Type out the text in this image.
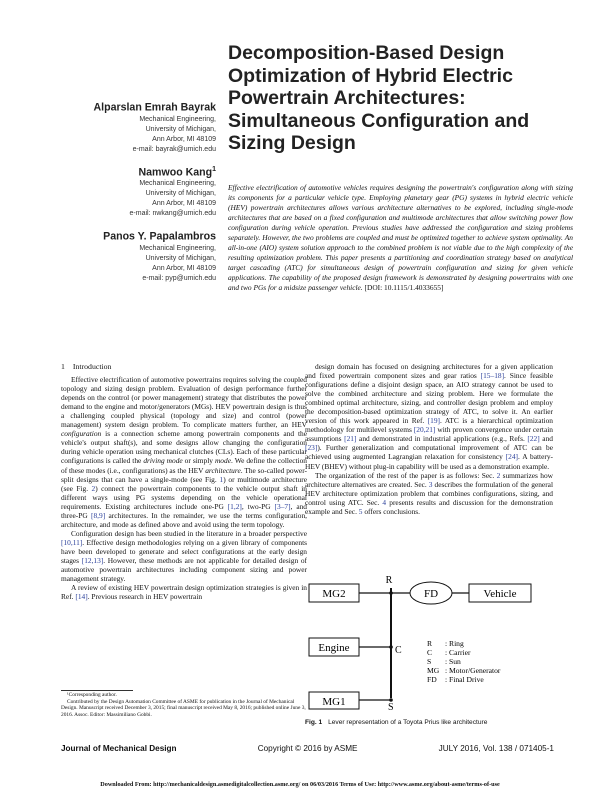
Decomposition-Based Design Optimization of Hybrid Electric Powertrain Architectures: Simultaneous Configuration and Sizing Design
Alparslan Emrah Bayrak
Mechanical Engineering,
University of Michigan,
Ann Arbor, MI 48109
e-mail: bayrak@umich.edu
Namwoo Kang$^1$
Mechanical Engineering,
University of Michigan,
Ann Arbor, MI 48109
e-mail: nwkang@umich.edu
Panos Y. Papalambros
Mechanical Engineering,
University of Michigan,
Ann Arbor, MI 48109
e-mail: pyp@umich.edu
Effective electrification of automotive vehicles requires designing the powertrain's configuration along with sizing its components for a particular vehicle type. Employing planetary gear (PG) systems in hybrid electric vehicle (HEV) powertrain architectures allows various architecture alternatives to be explored, including single-mode architectures that are based on a fixed configuration and multimode architectures that allow switching power flow configuration during vehicle operation. Previous studies have addressed the configuration and sizing problems separately. However, the two problems are coupled and must be optimized together to achieve system optimality. An all-in-one (AIO) system solution approach to the combined problem is not viable due to the high complexity of the resulting optimization problem. This paper presents a partitioning and coordination strategy based on analytical target cascading (ATC) for simultaneous design of powertrain configuration and sizing for given vehicle applications. The capability of the proposed design framework is demonstrated by designing powertrains with one and two PGs for a midsize passenger vehicle. [DOI: 10.1115/1.4033655]
1 Introduction

Effective electrification of automotive powertrains requires solving the coupled topology and sizing design problem. Evaluation of design performance further depends on the control (or power management) strategy that distributes the power demand to the engine and motor/generators (MGs). HEV powertrain design is thus a challenging coupled physical (topology and size) and control (power management) system design problem. To complicate matters further, an HEV configuration is a connection scheme among powertrain components and the vehicle's output shaft(s), and some designs allow changing the configuration during vehicle operation using mechanical clutches (CLs). Each of these particular configurations is called the driving mode or simply mode. We define the collection of these modes (i.e., configurations) as the HEV architecture. The so-called power-split designs that can have a single-mode (see Fig. 1) or multimode architecture (see Fig. 2) connect the powertrain components to the vehicle output shaft in different ways using PG systems depending on the vehicle operational requirements. Existing architectures include one-PG [1,2], two-PG [3–7], and three-PG [8,9] architectures. In the remainder, we use the terms configuration, architecture, and mode as defined above and avoid using the term topology.

Configuration design has been studied in the literature in a broader perspective [10,11]. Effective design methodologies relying on a given library of components have been developed to generate and select configurations at the early design stages [12,13]. However, these methods are not applicable for detailed design of automotive powertrain architectures including component sizing and power management strategy.

A review of existing HEV powertrain design optimization strategies is given in Ref. [14]. Previous research in HEV powertrain

design domain has focused on designing architectures for a given application and fixed powertrain component sizes and gear ratios [15–18]. Since feasible configurations define a disjoint design space, an AIO strategy cannot be used to solve the combined architecture and sizing problem. Here we formulate the combined optimal architecture, sizing, and controller design problem and employ the decomposition-based optimization strategy of ATC, to solve it. An earlier version of this work appeared in Ref. [19]. ATC is a hierarchical optimization methodology for multilevel systems [20,21] with proven convergence under certain assumptions [21] and demonstrated in industrial applications (e.g., Refs. [22] and [23]). Further generalization and computational improvement of ATC can be achieved using augmented Lagrangian relaxation for consistency [24]. A battery-HEV (BHEV) without plug-in capability will be used as a demonstration example.

The organization of the rest of the paper is as follows: Sec. 2 summarizes how architecture alternatives are created. Sec. 3 describes the formulation of the general HEV architecture optimization problem that combines configurations, sizing, and control using ATC. Sec. 4 presents results and discussion for the demonstration example and Sec. 5 offers conclusions.

¹Corresponding author.

Contributed by the Design Automation Committee of ASME for publication in the Journal of Mechanical Design. Manuscript received December 3, 2015; final manuscript received May 8, 2016; published online June 3, 2016. Assoc. Editor: Massimiliano Gobbi.

MG2
Engine
MG1
R
C
S
FD	Vehicle
R : Ring
C : Carrier
S : Sun
MG : Motor/Generator
FD : Final Drive
Fig. 1 Lever representation of a Toyota Prius like architecture
Journal of Mechanical Design	Copyright © 2016 by ASME	JULY 2016, Vol. 138 / 071405-1
Downloaded From: http://mechanicaldesign.asmedigitalcollection.asme.org/ on 06/03/2016 Terms of Use: http://www.asme.org/about-asme/terms-of-use
